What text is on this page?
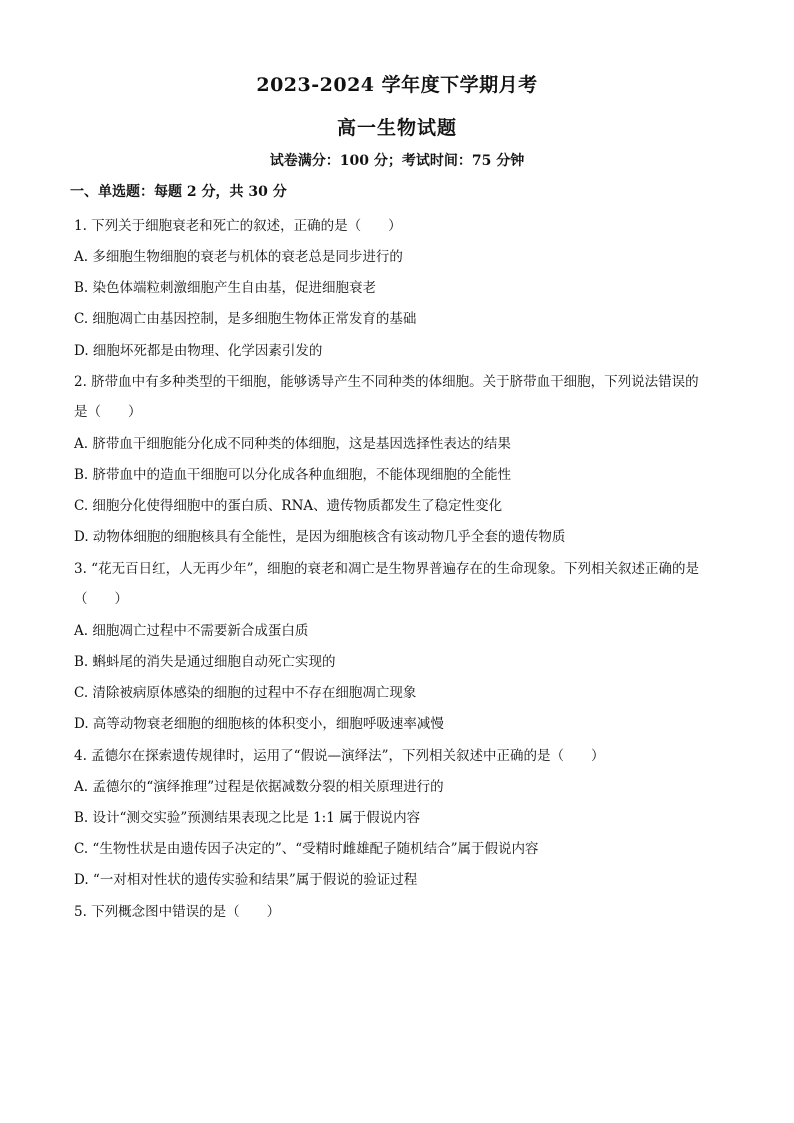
2023-2024 学年度下学期月考
高一生物试题
试卷满分：100 分；考试时间：75 分钟
一、单选题：每题 2 分，共 30 分
1. 下列关于细胞衰老和死亡的叙述，正确的是（　　）
A. 多细胞生物细胞的衰老与机体的衰老总是同步进行的
B. 染色体端粒刺激细胞产生自由基，促进细胞衰老
C. 细胞凋亡由基因控制，是多细胞生物体正常发育的基础
D. 细胞坏死都是由物理、化学因素引发的
2. 脐带血中有多种类型的干细胞，能够诱导产生不同种类的体细胞。关于脐带血干细胞，下列说法错误的
是（　　）
A. 脐带血干细胞能分化成不同种类的体细胞，这是基因选择性表达的结果
B. 脐带血中的造血干细胞可以分化成各种血细胞，不能体现细胞的全能性
C. 细胞分化使得细胞中的蛋白质、RNA、遗传物质都发生了稳定性变化
D. 动物体细胞的细胞核具有全能性，是因为细胞核含有该动物几乎全套的遗传物质
3. “花无百日红，人无再少年”，细胞的衰老和凋亡是生物界普遍存在的生命现象。下列相关叙述正确的是
（　　）
A. 细胞凋亡过程中不需要新合成蛋白质
B. 蝌蚪尾的消失是通过细胞自动死亡实现的
C. 清除被病原体感染的细胞的过程中不存在细胞凋亡现象
D. 高等动物衰老细胞的细胞核的体积变小，细胞呼吸速率减慢
4. 孟德尔在探索遗传规律时，运用了“假说—演绎法”，下列相关叙述中正确的是（　　）
A. 孟德尔的“演绎推理”过程是依据减数分裂的相关原理进行的
B. 设计“测交实验”预测结果表现之比是 1:1 属于假说内容
C. “生物性状是由遗传因子决定的”、“受精时雌雄配子随机结合”属于假说内容
D. “一对相对性状的遗传实验和结果”属于假说的验证过程
5. 下列概念图中错误的是（　　）
